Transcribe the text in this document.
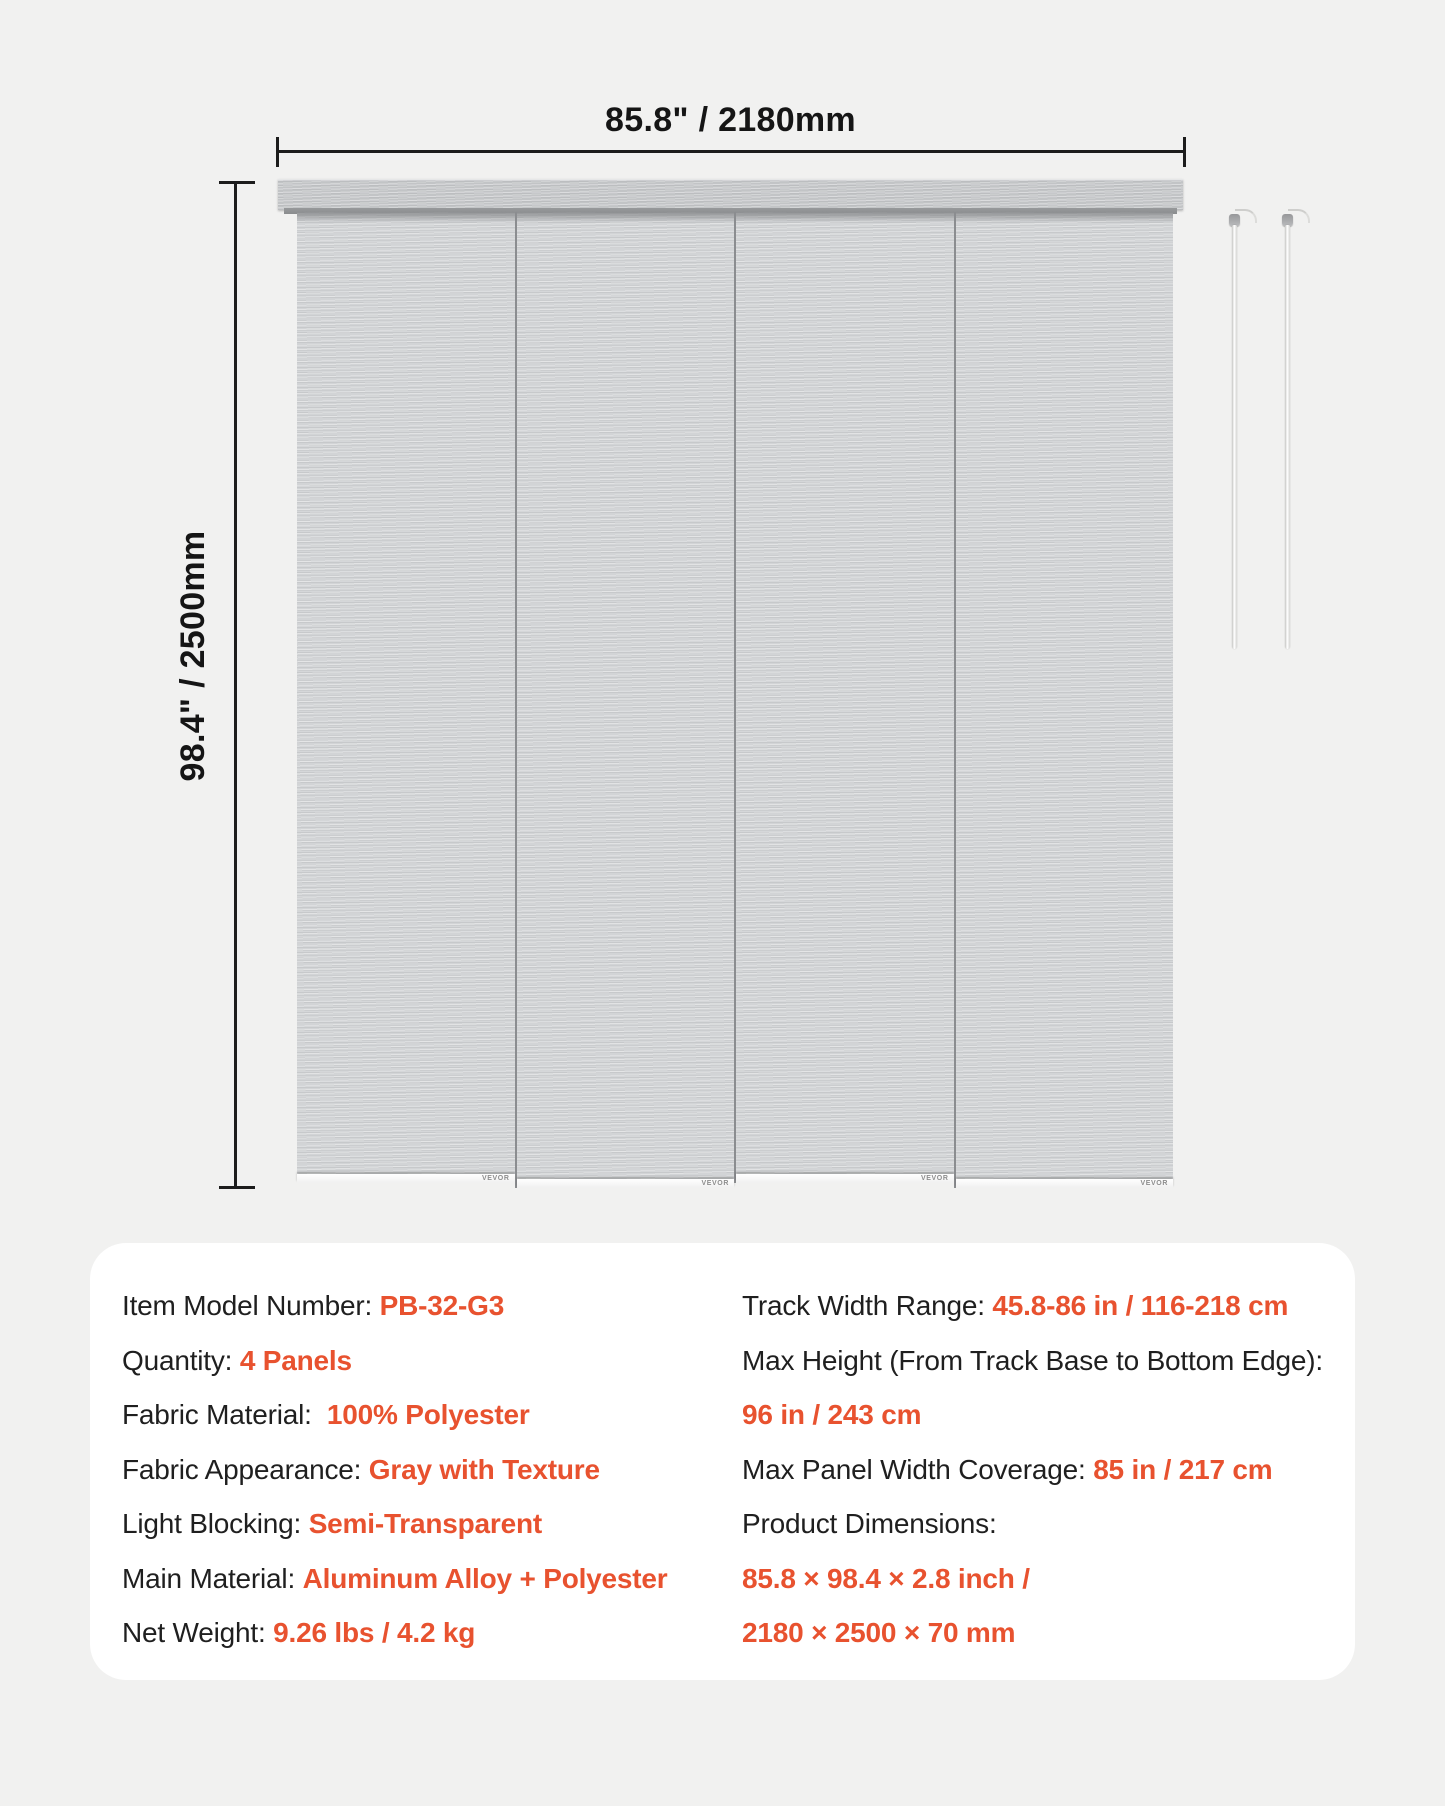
85.8" / 2180mm
98.4" / 2500mm
VEVOR
VEVOR
VEVOR
VEVOR
Item Model Number: PB-32-G3
Quantity: 4 Panels
Fabric Material: 100% Polyester
Fabric Appearance: Gray with Texture
Light Blocking: Semi-Transparent
Main Material: Aluminum Alloy + Polyester
Net Weight: 9.26 lbs / 4.2 kg
Track Width Range: 45.8-86 in / 116-218 cm
Max Height (From Track Base to Bottom Edge):
96 in / 243 cm
Max Panel Width Coverage: 85 in / 217 cm
Product Dimensions:
85.8 × 98.4 × 2.8 inch /
2180 × 2500 × 70 mm
